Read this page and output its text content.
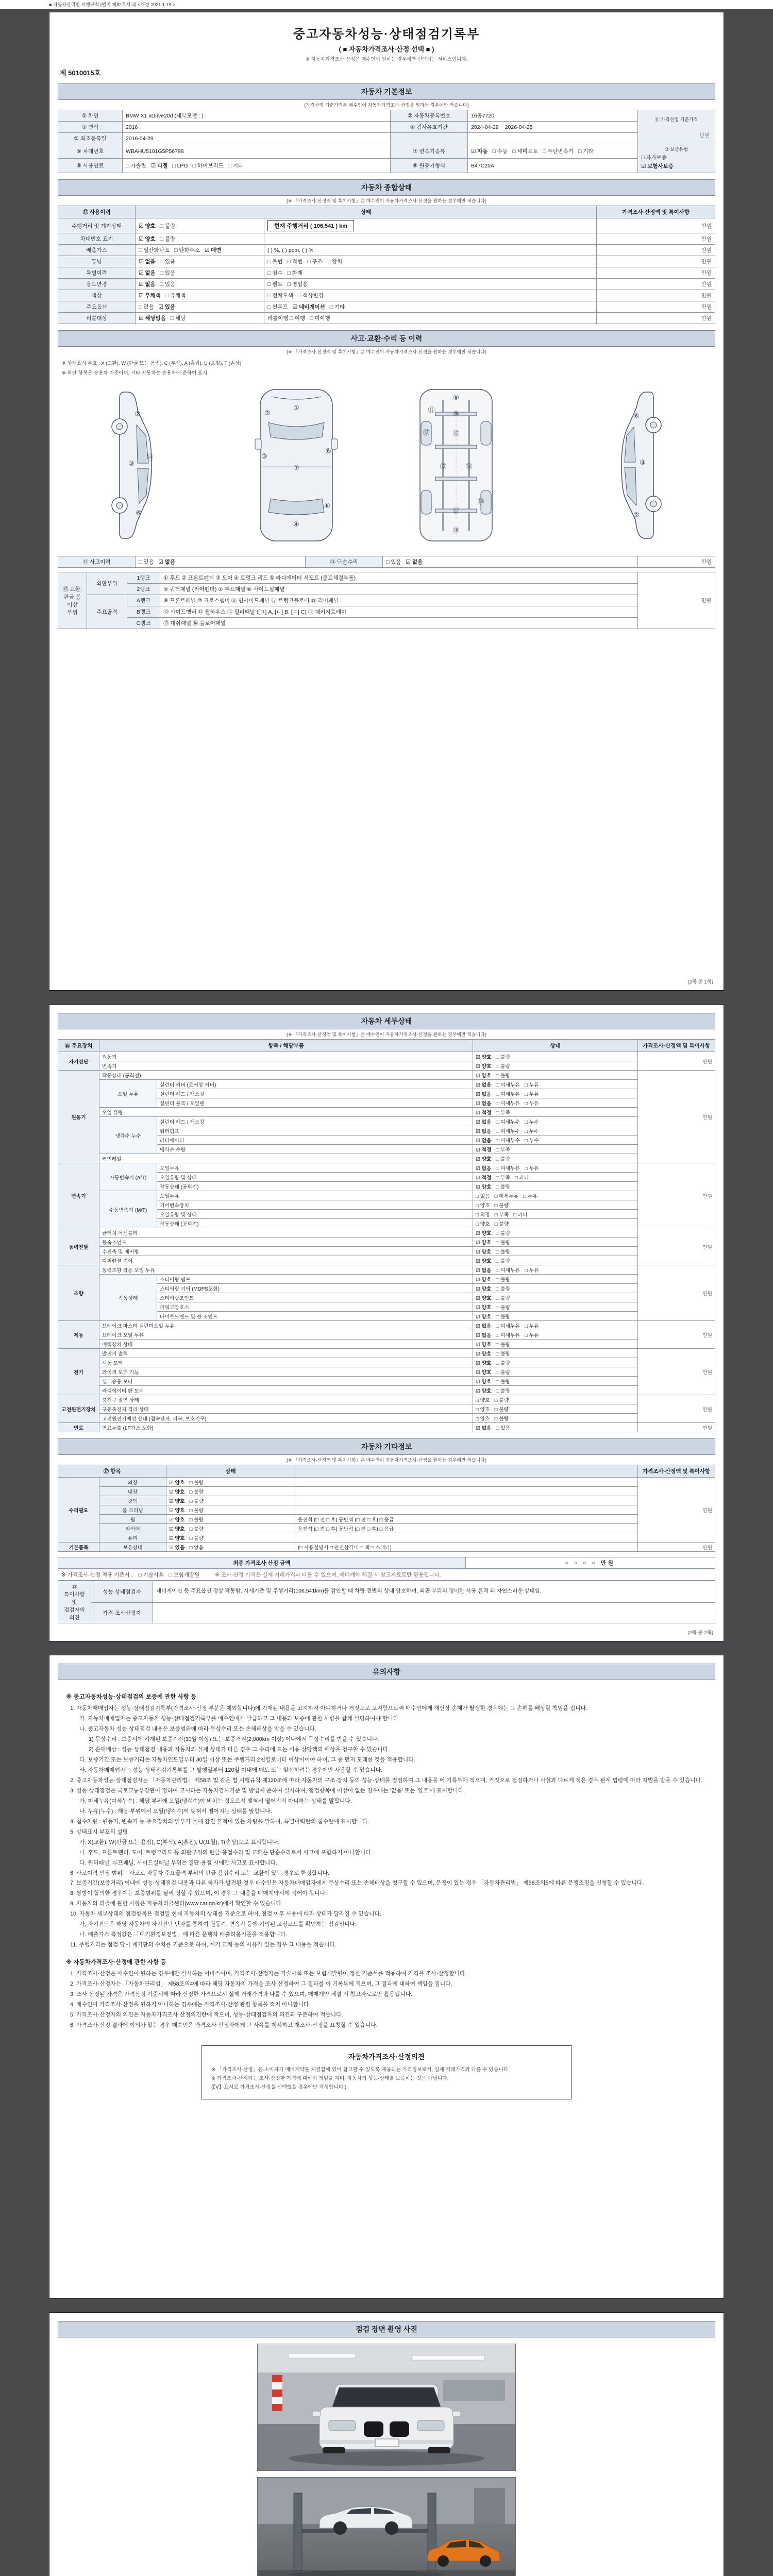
■ 자동차관리법 시행규칙 [별지 제82호서식] <개정 2021.1.19.>
중고자동차성능·상태점검기록부
( ■ 자동차가격조사·산정 선택 ■ )
※ 자동차가격조사·산정은 매수인이 원하는 경우에만 선택하는 서비스입니다.
제 5010015호
자동차 기본정보
(가격산정 기준가격은 매수인이 자동차가격조사·산정을 원하는 경우에만 적습니다)
① 차명	BMW X1 xDrive20d (세부모델 : )	② 자동차등록번호	16공7720	⑪ 가격산정 기준가격
만원

③ 연식	2016	④ 검사유효기간	2024-04-29 ~ 2026-04-28	
⑤ 최초등록일	2016-04-29			
⑥ 차대번호	WBAHU5101G5P56798	⑦ 변속기종류	☑ 자동 □ 수동 □ 세미오토 □ 무단변속기 □ 기타	⑩ 보증유형
□ 자가보증
☑ 보험사보증

⑧ 사용연료	□ 가솔린 ☑ 디젤 □ LPG □ 하이브리드 □ 기타	⑨ 원동기형식	B47C20A	
자동차 종합상태
(※ 「가격조사·산정액 및 특이사항」은 매수인이 자동차가격조사·산정을 원하는 경우에만 적습니다)
⑫ 사용이력	상태		가격조사·산정액 및 특이사항
주행거리 및 계기상태	☑ 양호 □ 불량	현재 주행거리 ( 106,541 ) km	만원
차대번호 표기	☑ 양호 □ 불량		만원
배출가스	□ 일산화탄소 □ 탄화수소 ☑ 매연	( ) %, ( ) ppm, ( ) %	만원
튜닝	☑ 없음 □ 있음	□ 불법 □ 적법 □ 구조 □ 장치	만원
특별이력	☑ 없음 □ 있음	□ 침수 □ 화재	만원
용도변경	☑ 없음 □ 있음	□ 렌트 □ 영업용	만원
색상	☑ 무채색 □ 유채색	□ 전체도색 □ 색상변경	만원
주요옵션	□ 없음 ☑ 있음	□ 썬루프 ☑ 네비게이션 □ 기타	만원
리콜대상	☑ 해당없음 □ 해당	리콜이행 □ 이행 □ 미이행	만원
사고·교환·수리 등 이력
(※ 「가격조사·산정액 및 특이사항」은 매수인이 자동차가격조사·산정을 원하는 경우에만 적습니다)
※ 상태표시 부호 : X (교환), W (판금 또는 용접), C (부식), A (흠집), U (요철), T (손상)
※ 하단 항목은 승용차 기준이며, 기타 자동차는 승용차에 준하여 표시
①
②
③
④
⑥
⑦
⑧
⑨
⑩
⑪
⑫
⑬	⑮
⑯
⑰
⑱
⑲
②
③
⑥
⑭
⑥
③
②
⑬ 사고이력	□ 있음 ☑ 없음	⑭ 단순수리	□ 있음 ☑ 없음	만원
⑮ 교환, 판금 등 이상 부위	외판부위	1랭크	① 후드 ② 프론트펜더 ③ 도어 ④ 트렁크 리드 ⑤ 라디에이터 서포트 (볼트체결부품)	만원
		2랭크	⑥ 쿼터패널 (리어펜더) ⑦ 루프패널 ⑧ 사이드실패널	
	주요골격	A랭크	⑨ 프론트패널 ⑩ 크로스멤버 ⑪ 인사이드패널 ⑰ 트렁크플로어 ⑱ 리어패널	
		B랭크	⑫ 사이드멤버 ⑬ 휠하우스 ⑭ 필러패널 ([ㄱ] A, [ㄴ] B, [ㄷ] C) ⑲ 패키지트레이	
		C랭크	⑮ 대쉬패널 ⑯ 플로어패널	
(2쪽 중 1쪽)
자동차 세부상태
(※ 「가격조사·산정액 및 특이사항」은 매수인이 자동차가격조사·산정을 원하는 경우에만 적습니다)
⑯ 주요장치	항목 / 해당부품		상태	가격조사·산정액 및 특이사항
자기진단	원동기		☑ 양호 □ 불량	만원
	변속기		☑ 양호 □ 불량	
원동기	작동상태 (공회전)		☑ 양호 □ 불량	만원
	오일 누유	실린더 커버 (로커암 커버)	☑ 없음 □ 미세누유 □ 누유	
		실린더 헤드 / 개스킷	☑ 없음 □ 미세누유 □ 누유	
		실린더 블록 / 오일팬	☑ 없음 □ 미세누유 □ 누유	
	오일 유량		☑ 적정 □ 부족	
	냉각수 누수	실린더 헤드 / 개스킷	☑ 없음 □ 미세누수 □ 누수	
		워터펌프	☑ 없음 □ 미세누수 □ 누수	
		라디에이터	☑ 없음 □ 미세누수 □ 누수	
		냉각수 수량	☑ 적정 □ 부족	
	커먼레일		☑ 양호 □ 불량	
변속기	자동변속기 (A/T)	오일누유	☑ 없음 □ 미세누유 □ 누유	만원
		오일유량 및 상태	☑ 적정 □ 부족 □ 과다	
		작동상태 (공회전)	☑ 양호 □ 불량	
	수동변속기 (M/T)	오일누유	□ 없음 □ 미세누유 □ 누유	
		기어변속장치	□ 양호 □ 불량	
		오일유량 및 상태	□ 적정 □ 부족 □ 과다	
		작동상태 (공회전)	□ 양호 □ 불량	
동력전달	클러치 어셈블리		☑ 양호 □ 불량	만원
	등속조인트		☑ 양호 □ 불량	
	추진축 및 베어링		☑ 양호 □ 불량	
	디퍼렌셜 기어		☑ 양호 □ 불량	
조향	동력조향 작동 오일 누유		☑ 없음 □ 미세누유 □ 누유	만원
	작동상태	스티어링 펌프	☑ 양호 □ 불량	
		스티어링 기어 (MDPS포함)	☑ 양호 □ 불량	
		스티어링조인트	☑ 양호 □ 불량	
		파워고압호스	☑ 양호 □ 불량	
		타이로드엔드 및 볼 조인트	☑ 양호 □ 불량	
제동	브레이크 마스터 실린더오일 누유		☑ 없음 □ 미세누유 □ 누유	만원
	브레이크 오일 누유		☑ 없음 □ 미세누유 □ 누유	
	배력장치 상태		☑ 양호 □ 불량	
전기	발전기 출력		☑ 양호 □ 불량	만원
	시동 모터		☑ 양호 □ 불량	
	와이퍼 모터 기능		☑ 양호 □ 불량	
	실내송풍 모터		☑ 양호 □ 불량	
	라디에이터 팬 모터		☑ 양호 □ 불량	
고전원전기장치	충전구 절연 상태		□ 양호 □ 불량	만원
	구동축전지 격리 상태		□ 양호 □ 불량	
	고전원전기배선 상태 (접속단자, 피복, 보호기구)		□ 양호 □ 불량	
연료	연료누출 (LP가스 포함)		☑ 없음 □ 있음	만원
자동차 기타정보
(※ 「가격조사·산정액 및 특이사항」은 매수인이 자동차가격조사·산정을 원하는 경우에만 적습니다)
⑰ 항목		상태		가격조사·산정액 및 특이사항
수리필요	외장	☑ 양호 □ 불량		만원
	내장	☑ 양호 □ 불량		
	광택	☑ 양호 □ 불량		
	룸 크리닝	☑ 양호 □ 불량		
	휠	☑ 양호 □ 불량	운전석 (□ 전 □ 후) 동반석 (□ 전 □ 후) □ 응급	
	타이어	☑ 양호 □ 불량	운전석 (□ 전 □ 후) 동반석 (□ 전 □ 후) □ 응급	
	유리	☑ 양호 □ 불량		
기본품목	보유상태	☑ 있음 □ 없음	(□ 사용설명서 □ 안전삼각대 □ 잭 □ 스패너)	만원
최종 가격조사·산정 금액	○ ○ ○ ○ 만원
※ 가격조사·산정 적용 기준서 : □ 기술사회 □ 보험개발원	※ 조사·산정 가격은 실제 거래가격과 다를 수 있으며, 매매계약 체결 시 참고자료로만 활용됩니다.
⑱ 특이사항 및 점검자의 의견	성능·상태점검자	네비게이션 등 주요옵션 정상 작동함. 시세기준 및 주행거리(106,541km)를 감안할 때 차량 전반의 상태 양호하며, 외판 부위의 경미한 사용 흔적 외 자연스러운 상태임.
	가격·조사산정자	
(2쪽 중 2쪽)
유의사항
※ 중고자동차성능·상태점검의 보증에 관한 사항 등
1. 자동차매매업자는 성능·상태점검기록부(가격조사·산정 부분은 제외합니다)에 기재된 내용을 고지하지 아니하거나 거짓으로 고지함으로써 매수인에게 재산상 손해가 발생한 경우에는 그 손해를 배상할 책임을 집니다.
가. 자동차매매업자는 중고자동차 성능·상태점검기록부를 매수인에게 발급하고 그 내용과 보증에 관한 사항을 함께 설명하여야 합니다.
나. 중고자동차 성능·상태점검 내용은 보증범위에 따라 무상수리 또는 손해배상을 받을 수 있습니다.
1) 무상수리 : 보증서에 기재된 보증기간(30일 이상) 또는 보증거리(2,000km 이상) 이내에서 무상수리를 받을 수 있습니다.
2) 손해배상 : 성능·상태점검 내용과 자동차의 실제 상태가 다른 경우 그 수리에 드는 비용 상당액의 배상을 청구할 수 있습니다.
다. 보증기간 또는 보증거리는 자동차인도일부터 30일 이상 또는 주행거리 2천킬로미터 이상이어야 하며, 그 중 먼저 도래한 것을 적용합니다.
라. 자동차매매업자는 성능·상태점검기록부를 그 발행일부터 120일 이내에 매도 또는 알선하려는 경우에만 사용할 수 있습니다.
2. 중고자동차성능·상태점검자는 「자동차관리법」 제58조 및 같은 법 시행규칙 제120조에 따라 자동차의 구조·장치 등의 성능·상태를 점검하여 그 내용을 이 기록부에 적으며, 거짓으로 점검하거나 사실과 다르게 적은 경우 관계 법령에 따라 처벌을 받을 수 있습니다.
3. 성능·상태점검은 국토교통부장관이 정하여 고시하는 자동차검사기준 및 방법에 준하여 실시하며, 점검항목에 이상이 없는 경우에는 '없음' 또는 '양호'에 표시합니다.
가. 미세누유(미세누수) : 해당 부위에 오일(냉각수)이 비치는 정도로서 맺혀서 떨어지지 아니하는 상태를 말합니다.
나. 누유(누수) : 해당 부위에서 오일(냉각수)이 맺혀서 떨어지는 상태를 말합니다.
4. 침수차량 : 원동기, 변속기 등 주요장치의 일부가 물에 잠긴 흔적이 있는 차량을 말하며, 특별이력란의 침수란에 표시합니다.
5. 상태표시 부호의 설명
가. X(교환), W(판금 또는 용접), C(부식), A(흠집), U(요철), T(손상)으로 표시합니다.
나. 후드, 프론트펜더, 도어, 트렁크리드 등 외판부위의 판금·용접수리 및 교환은 단순수리로서 사고에 포함하지 아니합니다.
다. 쿼터패널, 루프패널, 사이드실패널 부위는 절단·용접 시에만 사고로 표시합니다.
6. 사고이력 인정 범위는 사고로 자동차 주요골격 부위의 판금·용접수리 또는 교환이 있는 경우로 한정합니다.
7. 보증기간(보증거리) 이내에 성능·상태점검 내용과 다른 하자가 발견된 경우 매수인은 자동차매매업자에게 무상수리 또는 손해배상을 청구할 수 있으며, 분쟁이 있는 경우 「자동차관리법」 제58조의5에 따른 분쟁조정을 신청할 수 있습니다.
8. 쌍방이 합의한 경우에는 보증범위를 달리 정할 수 있으며, 이 경우 그 내용을 매매계약서에 적어야 합니다.
9. 자동차의 리콜에 관한 사항은 자동차리콜센터(www.car.go.kr)에서 확인할 수 있습니다.
10. 자동차 세부상태의 점검항목은 점검일 현재 자동차의 상태를 기준으로 하며, 점검 이후 사용에 따라 상태가 달라질 수 있습니다.
가. 자기진단은 해당 자동차의 자기진단 단자를 통하여 원동기, 변속기 등에 기억된 고장코드를 확인하는 점검입니다.
나. 배출가스 측정값은 「대기환경보전법」에 따른 운행차 배출허용기준을 적용합니다.
11. 주행거리는 점검 당시 계기판의 수치를 기준으로 하며, 계기 교체 등의 사유가 있는 경우 그 내용을 적습니다.
※ 자동차가격조사·산정에 관한 사항 등
1. 가격조사·산정은 매수인이 원하는 경우에만 실시하는 서비스이며, 가격조사·산정자는 기술사회 또는 보험개발원이 정한 기준서를 적용하여 가격을 조사·산정합니다.
2. 가격조사·산정자는 「자동차관리법」 제58조의4에 따라 해당 자동차의 가격을 조사·산정하여 그 결과를 이 기록부에 적으며, 그 결과에 대하여 책임을 집니다.
3. 조사·산정된 가격은 가격산정 기준서에 따라 산정한 가격으로서 실제 거래가격과 다를 수 있으며, 매매계약 체결 시 참고자료로만 활용됩니다.
4. 매수인이 가격조사·산정을 원하지 아니하는 경우에는 가격조사·산정 관련 항목을 적지 아니합니다.
5. 가격조사·산정자의 의견은 자동차가격조사·산정의견란에 적으며, 성능·상태점검자의 의견과 구분하여 적습니다.
6. 가격조사·산정 결과에 이의가 있는 경우 매수인은 가격조사·산정자에게 그 사유를 제시하고 재조사·산정을 요청할 수 있습니다.
자동차가격조사·산정의견
※ 「가격조사·산정」은 소비자가 매매계약을 체결함에 있어 참고할 수 있도록 제공되는 가격정보로서, 실제 거래가격과 다를 수 있습니다.
※ 가격조사·산정자는 조사·산정한 가격에 대하여 책임을 지며, 자동차의 성능·상태를 보증하는 것은 아닙니다.
(【V】표시로 가격조사·산정을 선택했을 경우에만 작성합니다.)
점검 장면 촬영 사진
